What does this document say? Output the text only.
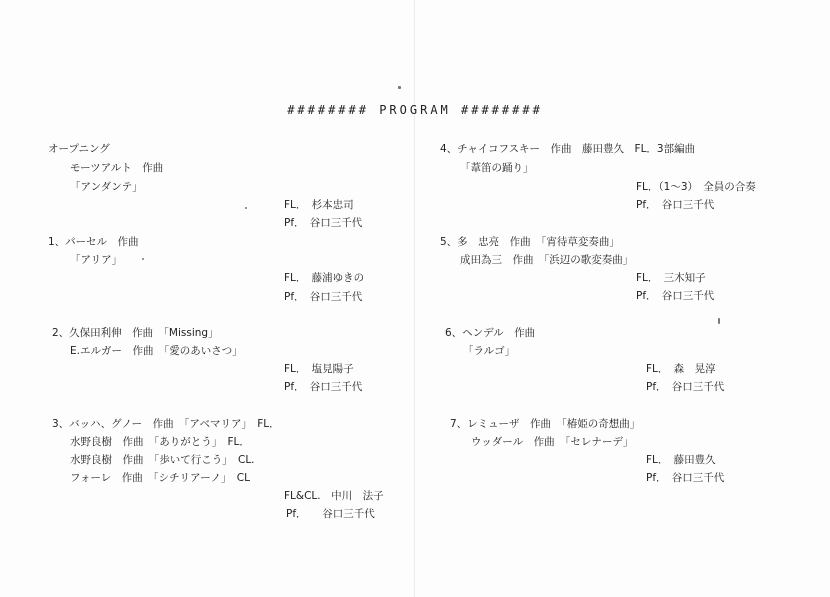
######## PROGRAM ########
オープニング
モーツアルト　作曲
「アンダンテ」
FL．　杉本忠司
Pf．　谷口三千代
1、パーセル　作曲
「アリア」
FL．　藤浦ゆきの
Pf．　谷口三千代
2、久保田利伸　作曲　「Missing」
E.エルガー　作曲　「愛のあいさつ」
FL．　塩見陽子
Pf．　谷口三千代
3、バッハ、グノー　作曲　「アベマリア」　FL．
水野良樹　作曲　「ありがとう」　FL．
水野良樹　作曲　「歩いて行こう」　CL.
フォーレ　作曲　「シチリアーノ」　CL
FL&CL.　中川　法子
Pf．　　谷口三千代
4、チャイコフスキー　作曲　藤田豊久　FL．3部編曲
「葦笛の踊り」
FL．（1～3）　全員の合奏
Pf．　谷口三千代
5、多　忠亮　作曲　「宵待草変奏曲」
成田為三　作曲　「浜辺の歌変奏曲」
FL．　三木知子
Pf．　谷口三千代
6、ヘンデル　作曲
「ラルゴ」
FL．　森　晃淳
Pf．　谷口三千代
7、レミューザ　作曲　「椿姫の奇想曲」
ウッダール　作曲　「セレナーデ」
FL．　藤田豊久
Pf．　谷口三千代
